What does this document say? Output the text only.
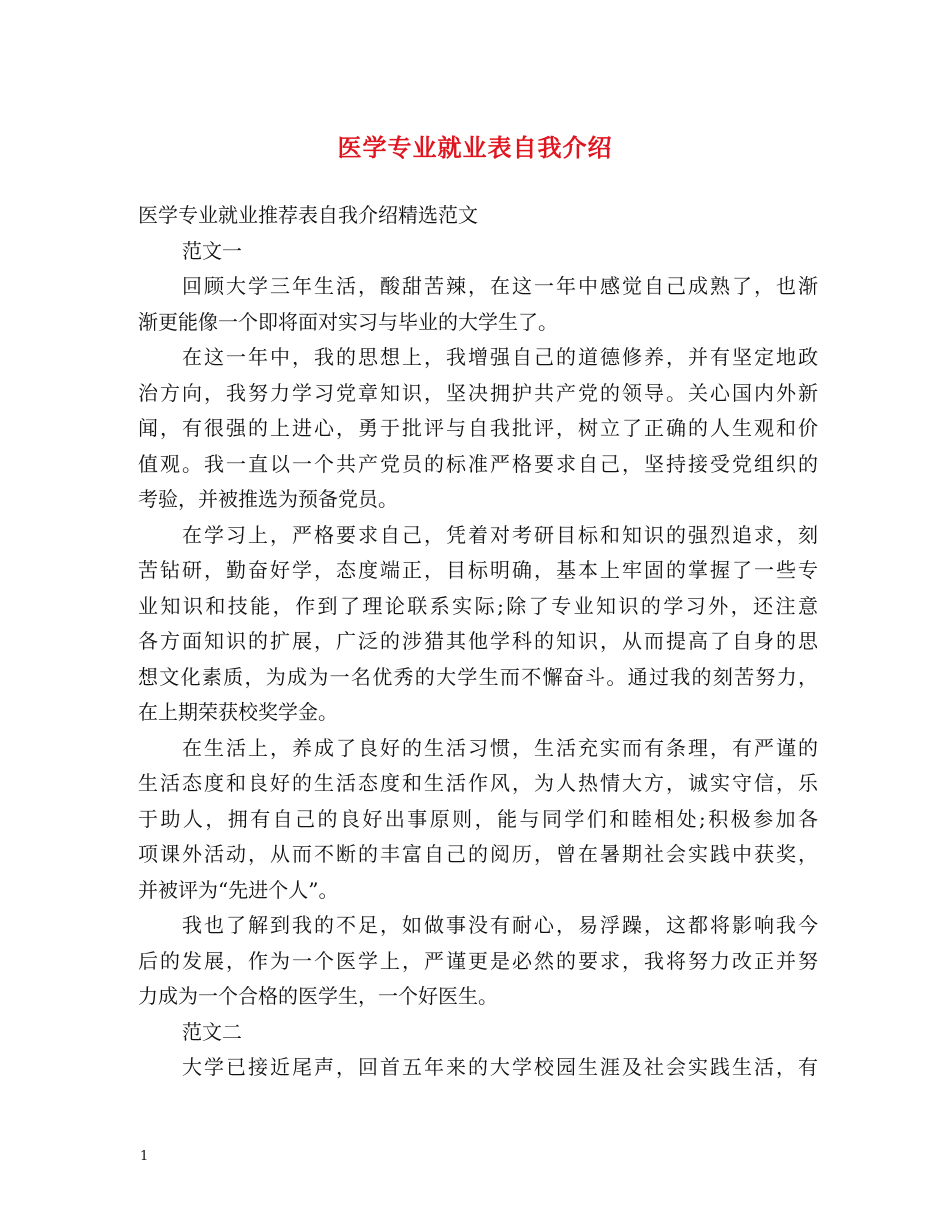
医学专业就业表自我介绍
医学专业就业推荐表自我介绍精选范文
范文一
回顾大学三年生活，酸甜苦辣，在这一年中感觉自己成熟了，也渐
渐更能像一个即将面对实习与毕业的大学生了。
在这一年中，我的思想上，我增强自己的道德修养，并有坚定地政
治方向，我努力学习党章知识，坚决拥护共产党的领导。关心国内外新
闻，有很强的上进心，勇于批评与自我批评，树立了正确的人生观和价
值观。我一直以一个共产党员的标准严格要求自己，坚持接受党组织的
考验，并被推选为预备党员。
在学习上，严格要求自己，凭着对考研目标和知识的强烈追求，刻
苦钻研，勤奋好学，态度端正，目标明确，基本上牢固的掌握了一些专
业知识和技能，作到了理论联系实际;除了专业知识的学习外，还注意
各方面知识的扩展，广泛的涉猎其他学科的知识，从而提高了自身的思
想文化素质，为成为一名优秀的大学生而不懈奋斗。通过我的刻苦努力，
在上期荣获校奖学金。
在生活上，养成了良好的生活习惯，生活充实而有条理，有严谨的
生活态度和良好的生活态度和生活作风，为人热情大方，诚实守信，乐
于助人，拥有自己的良好出事原则，能与同学们和睦相处;积极参加各
项课外活动，从而不断的丰富自己的阅历，曾在暑期社会实践中获奖，
并被评为“先进个人”。
我也了解到我的不足，如做事没有耐心，易浮躁，这都将影响我今
后的发展，作为一个医学上，严谨更是必然的要求，我将努力改正并努
力成为一个合格的医学生，一个好医生。
范文二
大学已接近尾声，回首五年来的大学校园生涯及社会实践生活，有
1
